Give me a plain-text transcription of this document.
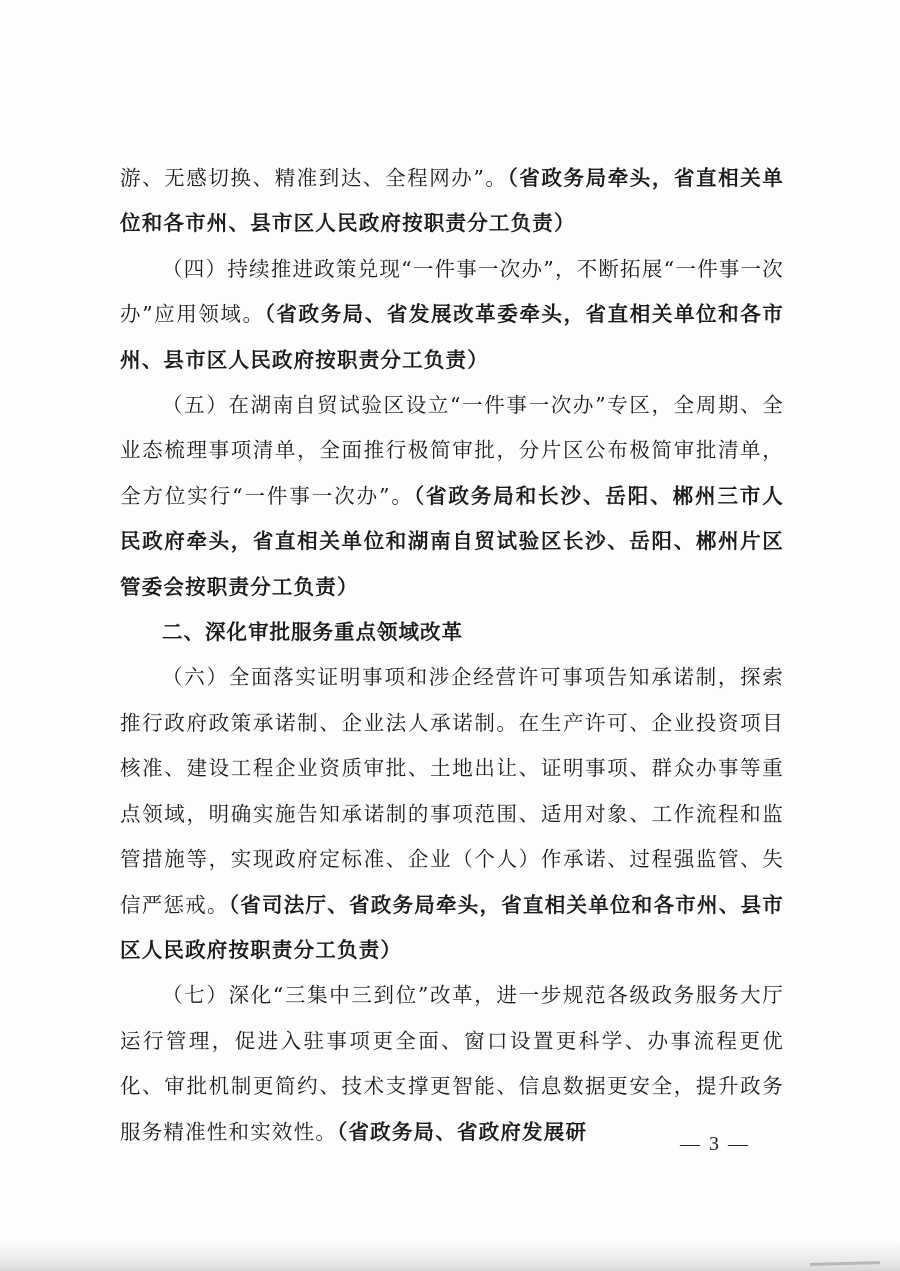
游、无感切换、精准到达、全程网办”。（省政务局牵头，省直相关单位和各市州、县市区人民政府按职责分工负责）

（四）持续推进政策兑现“一件事一次办”，不断拓展“一件事一次办”应用领域。（省政务局、省发展改革委牵头，省直相关单位和各市州、县市区人民政府按职责分工负责）

（五）在湖南自贸试验区设立“一件事一次办”专区，全周期、全业态梳理事项清单，全面推行极简审批，分片区公布极简审批清单，全方位实行“一件事一次办”。（省政务局和长沙、岳阳、郴州三市人民政府牵头，省直相关单位和湖南自贸试验区长沙、岳阳、郴州片区管委会按职责分工负责）

二、深化审批服务重点领域改革

（六）全面落实证明事项和涉企经营许可事项告知承诺制，探索推行政府政策承诺制、企业法人承诺制。在生产许可、企业投资项目核准、建设工程企业资质审批、土地出让、证明事项、群众办事等重点领域，明确实施告知承诺制的事项范围、适用对象、工作流程和监管措施等，实现政府定标准、企业（个人）作承诺、过程强监管、失信严惩戒。（省司法厅、省政务局牵头，省直相关单位和各市州、县市区人民政府按职责分工负责）

（七）深化“三集中三到位”改革，进一步规范各级政务服务大厅运行管理，促进入驻事项更全面、窗口设置更科学、办事流程更优化、审批机制更简约、技术支撑更智能、信息数据更安全，提升政务服务精准性和实效性。（省政务局、省政府发展研

— 3 —
